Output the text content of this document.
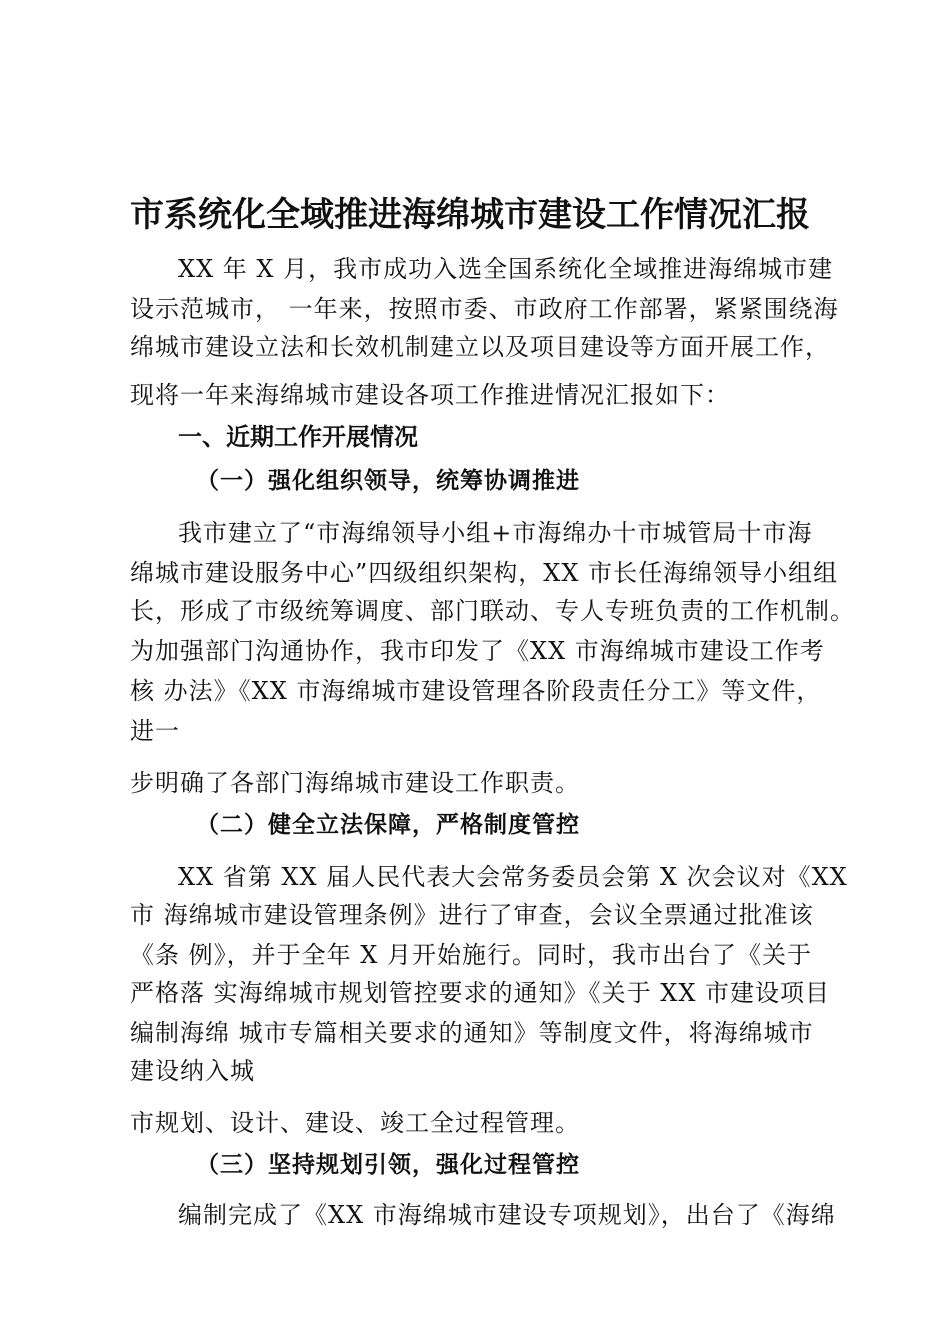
市系统化全域推进海绵城市建设工作情况汇报
XX 年 X 月，我市成功入选全国系统化全域推进海绵城市建
设示范城市， 一年来，按照市委、市政府工作部署，紧紧围绕海
绵城市建设立法和长效机制建立以及项目建设等方面开展工作，
现将一年来海绵城市建设各项工作推进情况汇报如下：
一、近期工作开展情况
（一）强化组织领导，统筹协调推进
我市建立了“市海绵领导小组+市海绵办十市城管局十市海
绵城市建设服务中心”四级组织架构，XX 市长任海绵领导小组组
长，形成了市级统筹调度、部门联动、专人专班负责的工作机制。
为加强部门沟通协作，我市印发了《XX 市海绵城市建设工作考
核 办法》《XX 市海绵城市建设管理各阶段责任分工》等文件，
进一
步明确了各部门海绵城市建设工作职责。
（二）健全立法保障，严格制度管控
XX 省第 XX 届人民代表大会常务委员会第 X 次会议对《XX
市 海绵城市建设管理条例》进行了审查，会议全票通过批准该
《条 例》，并于全年 X 月开始施行。同时，我市出台了《关于
严格落 实海绵城市规划管控要求的通知》《关于 XX 市建设项目
编制海绵 城市专篇相关要求的通知》等制度文件，将海绵城市
建设纳入城
市规划、设计、建设、竣工全过程管理。
（三）坚持规划引领，强化过程管控
编制完成了《XX 市海绵城市建设专项规划》，出台了《海绵
